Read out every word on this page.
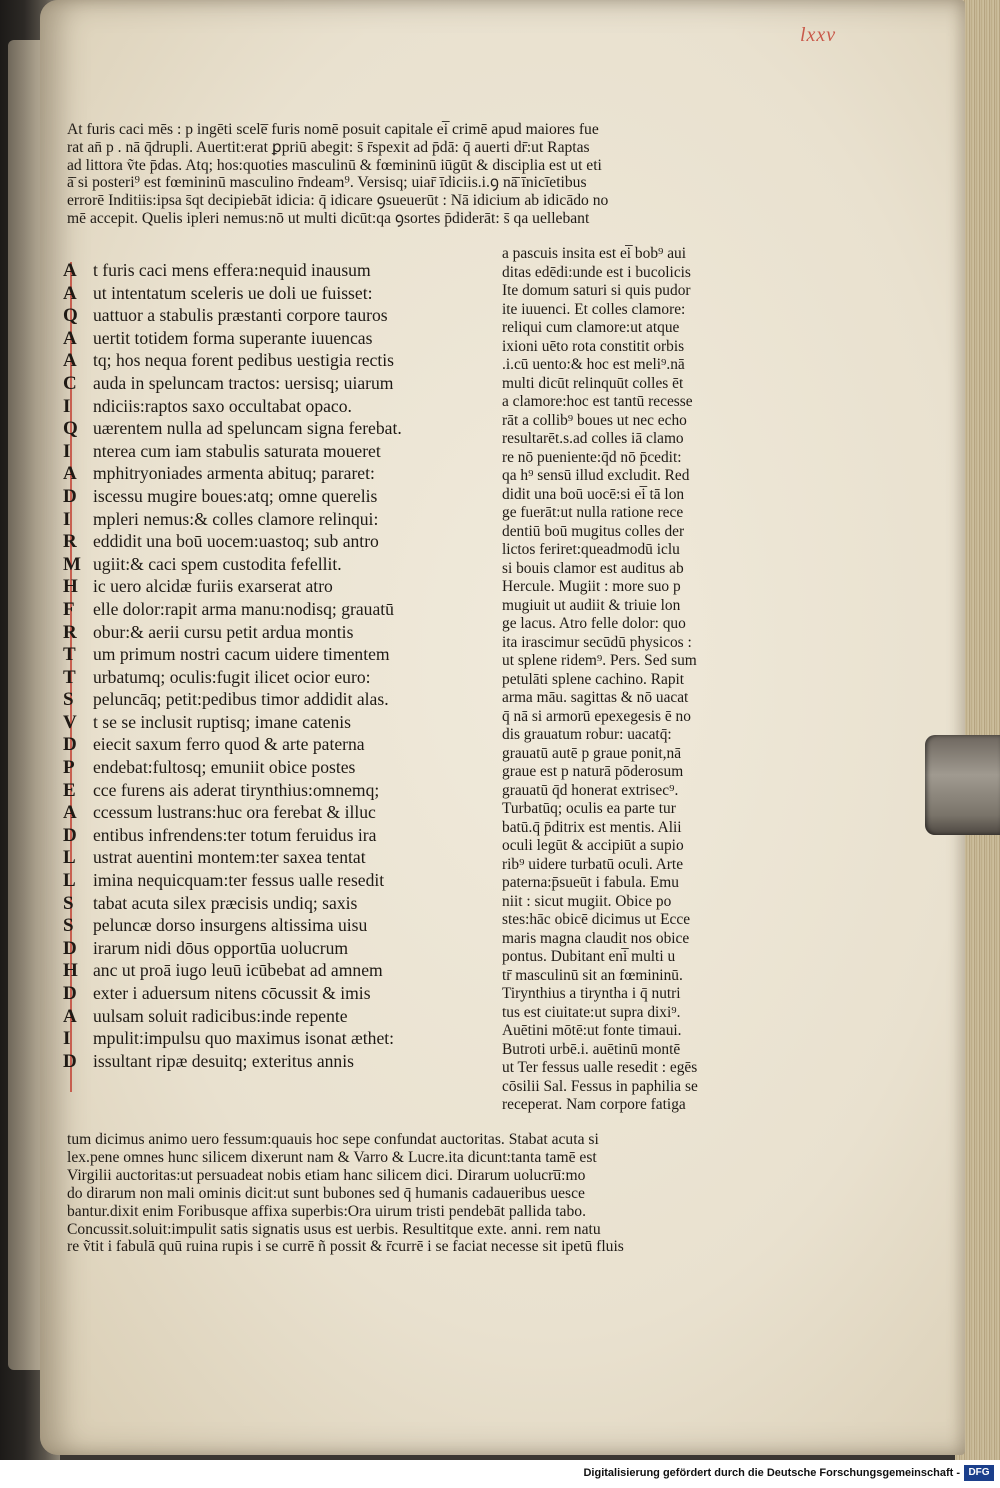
lxxv
At furis caci mēs : p ingēti scele̅ furis nomē posuit capitale ei̅ crimē apud maiores fue
rat an̄ p . nā q̄drupli. Auertit:erat ꝑpriū abegit: s̄ r̄spexit ad p̄dā: q̄ auerti dr̄:ut Raptas
ad littora ṽte p̄das. Atq; hos:quoties masculinū & fœmininū iūgūt & disciplia est ut eti
ā̄ si posteri⁹ est fœmininū masculino r̄ndeam⁹. Versisq; uiar̄ īdiciis.i.ꝯ nā̄ īnicīetibus
errorē Inditiis:ipsa s̄qt decipiebāt idicia: q̄ idicare ꝯsueuerūt : Nā idicium ab idicādo no
mē accepit. Quelis ipleri nemus:nō ut multi dicūt:qa ꝯsortes p̄diderāt: s̄ qa uellebant
A t furis caci mens effera:nequid inausum
A ut intentatum sceleris ue doli ue fuisset:
Q uattuor a stabulis præstanti corpore tauros
A uertit totidem forma superante iuuencas
A tq; hos nequa forent pedibus uestigia rectis
C auda in speluncam tractos: uersisq; uiarum
I	ndiciis:raptos saxo occultabat opaco.
Q uærentem nulla ad speluncam signa ferebat.
I	nterea cum iam stabulis saturata moueret
A mphitryoniades armenta abituq; pararet:
D iscessu mugire boues:atq; omne querelis
I	mpleri nemus:& colles clamore relinqui:
R eddidit una boū uocem:uastoq; sub antro
M ugiit:& caci spem custodita fefellit.
H ic uero alcidæ furiis exarserat atro
F	elle dolor:rapit arma manu:nodisq; grauatū
R obur:& aerii cursu petit ardua montis
T um primum nostri cacum uidere timentem
T urbatumq; oculis:fugit ilicet ocior euro:
S	peluncāq; petit:pedibus timor addidit alas.
V t se se inclusit ruptisq; imane catenis
D eiecit saxum ferro quod & arte paterna
P	endebat:fultosq; emuniit obice postes
E cce furens ais aderat tirynthius:omnemq;
A ccessum lustrans:huc ora ferebat & illuc
D entibus infrendens:ter totum feruidus ira
L ustrat auentini montem:ter saxea tentat
L imina nequicquam:ter fessus ualle resedit
S	tabat acuta silex præcisis undiq; saxis
S	peluncæ dorso insurgens altissima uisu
D irarum nidi dōus opportūa uolucrum
H anc ut proā iugo leuū icūbebat ad amnem
D exter i aduersum nitens cōcussit & imis
A uulsam soluit radicibus:inde repente
I	mpulit:impulsu quo maximus isonat æthet:
D issultant ripæ desuitq; exteritus annis
a pascuis insita est ei̅ bob⁹ aui
ditas edēdi:unde est i bucolicis
Ite domum saturi si quis pudor
ite iuuenci. Et colles clamore:
reliqui cum clamore:ut atque
ixioni uēto rota constitit orbis
.i.cū uento:& hoc est meli⁹.nā
multi dicūt relinquūt colles ēt
a clamore:hoc est tantū recesse
rāt a collib⁹ boues ut nec echo
resultarēt.s.ad colles iā clamo
re nō pueniente:q̄d nō p̄cedit:
qa h⁹ sensū illud excludit. Red
didit una boū uocē:si ei̅ tā lon
ge fuerāt:ut nulla ratione rece
dentiū boū mugitus colles der
lictos feriret:queadmodū iclu
si bouis clamor est auditus ab
Hercule. Mugiit : more suo p
mugiuit ut audiit & triuie lon
ge lacus. Atro felle dolor: quo
ita irascimur secūdū physicos :
ut splene ridem⁹. Pers. Sed sum
petulāti splene cachino. Rapit
arma māu. sagittas & nō uacat
q̄ nā si armorū epexegesis ē no
dis grauatum robur: uacatq̄:
grauatū autē p graue ponit,nā
graue est p naturā pōderosum
grauatū q̄d honerat extrisec⁹.
Turbatūq; oculis ea parte tur
batū.q̄ p̄ditrix est mentis. Alii
oculi legūt & accipiūt a supio
rib⁹ uidere turbatū oculi. Arte
paterna:p̄sueūt i fabula. Emu
niit : sicut mugiit. Obice po
stes:hāc obicē dicimus ut Ecce
maris magna claudit nos obice
pontus. Dubitant eni̅ multi u
tr̄ masculinū sit an fœmininū.
Tirynthius a tiryntha i q̄ nutri
tus est ciuitate:ut supra dixi⁹.
Auētini mōtē:ut fonte timaui.
Butroti urbē.i. auētinū montē
ut Ter fessus ualle resedit : egēs
cōsilii Sal. Fessus in paphilia se
receperat. Nam corpore fatiga
tum dicimus animo uero fessum:quauis hoc sepe confundat auctoritas. Stabat acuta si
lex.pene omnes hunc silicem dixerunt nam & Varro & Lucre.ita dicunt:tanta tamē est
Virgilii auctoritas:ut persuadeat nobis etiam hanc silicem dici. Dirarum uolucru̅:mo
do dirarum non mali ominis dicit:ut sunt bubones sed q̄ humanis cadaueribus uesce
bantur.dixit enim Foribusque affixa superbis:Ora uirum tristi pendebāt pallida tabo.
Concussit.soluit:impulit satis signatis usus est uerbis. Resultitque exte. anni. rem natu
re ṽtit i fabulā quū ruina rupis i se currē ñ possit & r̄currē i se faciat necesse sit ipetū fluis
Digitalisierung gefördert durch die Deutsche Forschungsgemeinschaft - DFG
